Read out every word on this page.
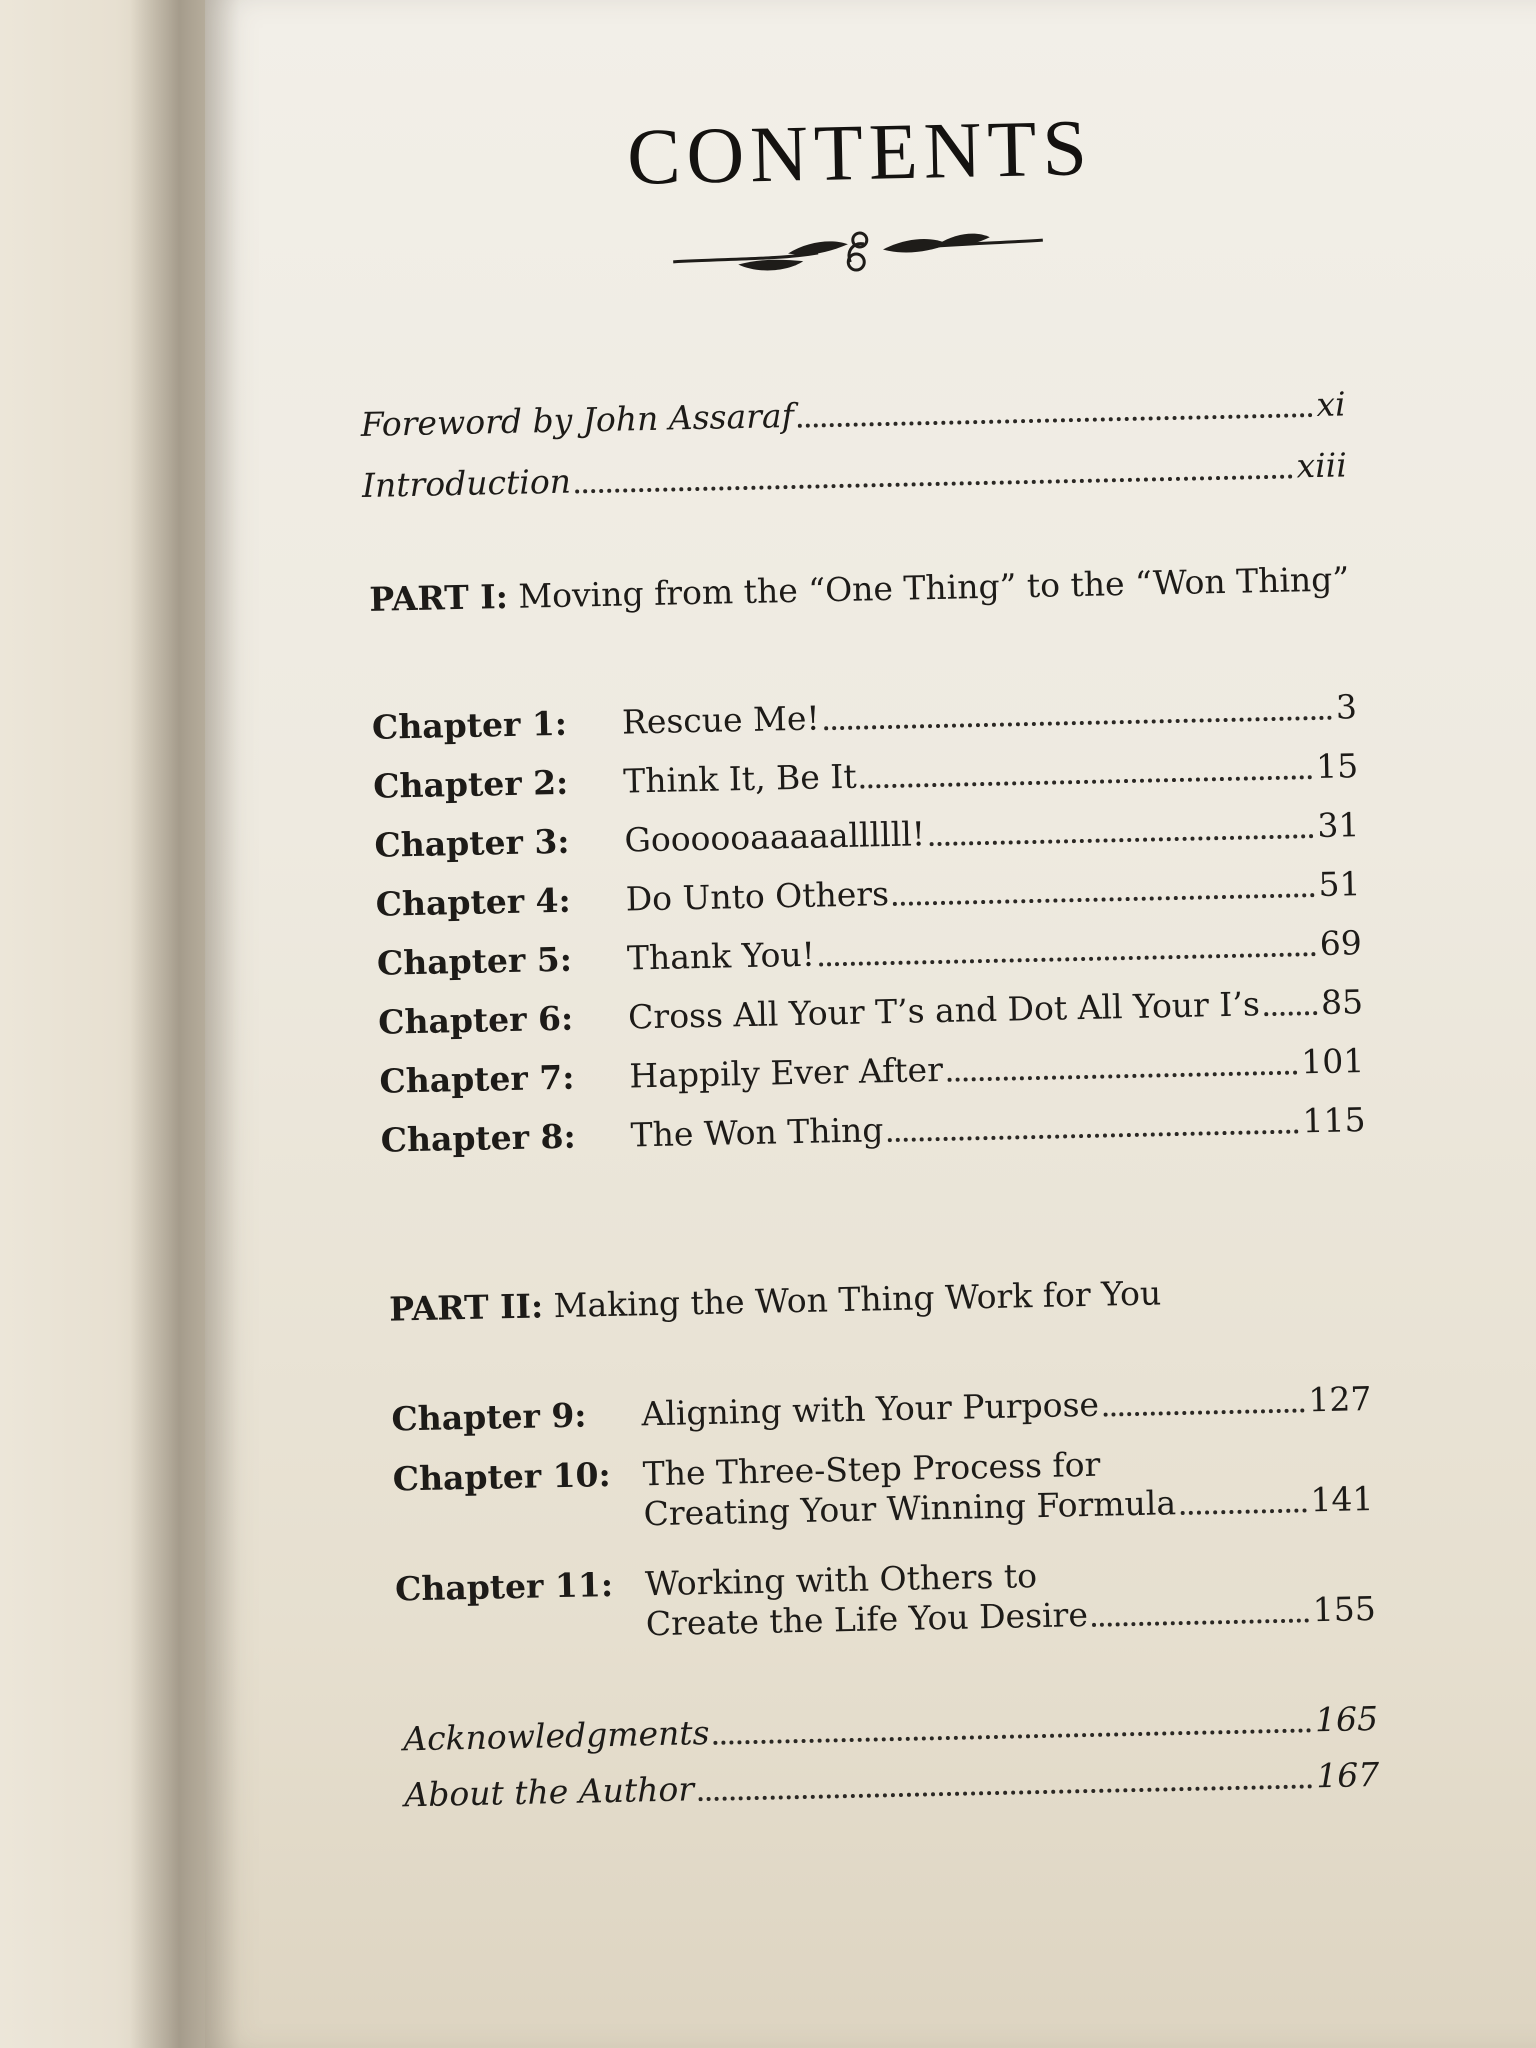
CONTENTS
Foreword by John Assaraf	xi
Introduction	xiii
PART I: Moving from the “One Thing” to the “Won Thing”
Chapter 1:	Rescue Me!	3
Chapter 2:	Think It, Be It	15
Chapter 3:	Goooooaaaaallllll!	31
Chapter 4:	Do Unto Others	51
Chapter 5:	Thank You!	69
Chapter 6:	Cross All Your T’s and Dot All Your I’s 85
Chapter 7:	Happily Ever After	101
Chapter 8:	The Won Thing	115
PART II: Making the Won Thing Work for You
Chapter 9:	Aligning with Your Purpose	127
Chapter 10: The Three-Step Process for
Creating Your Winning Formula	141
Chapter 11: Working with Others to
Create the Life You Desire	155
Acknowledgments	165
About the Author	167
